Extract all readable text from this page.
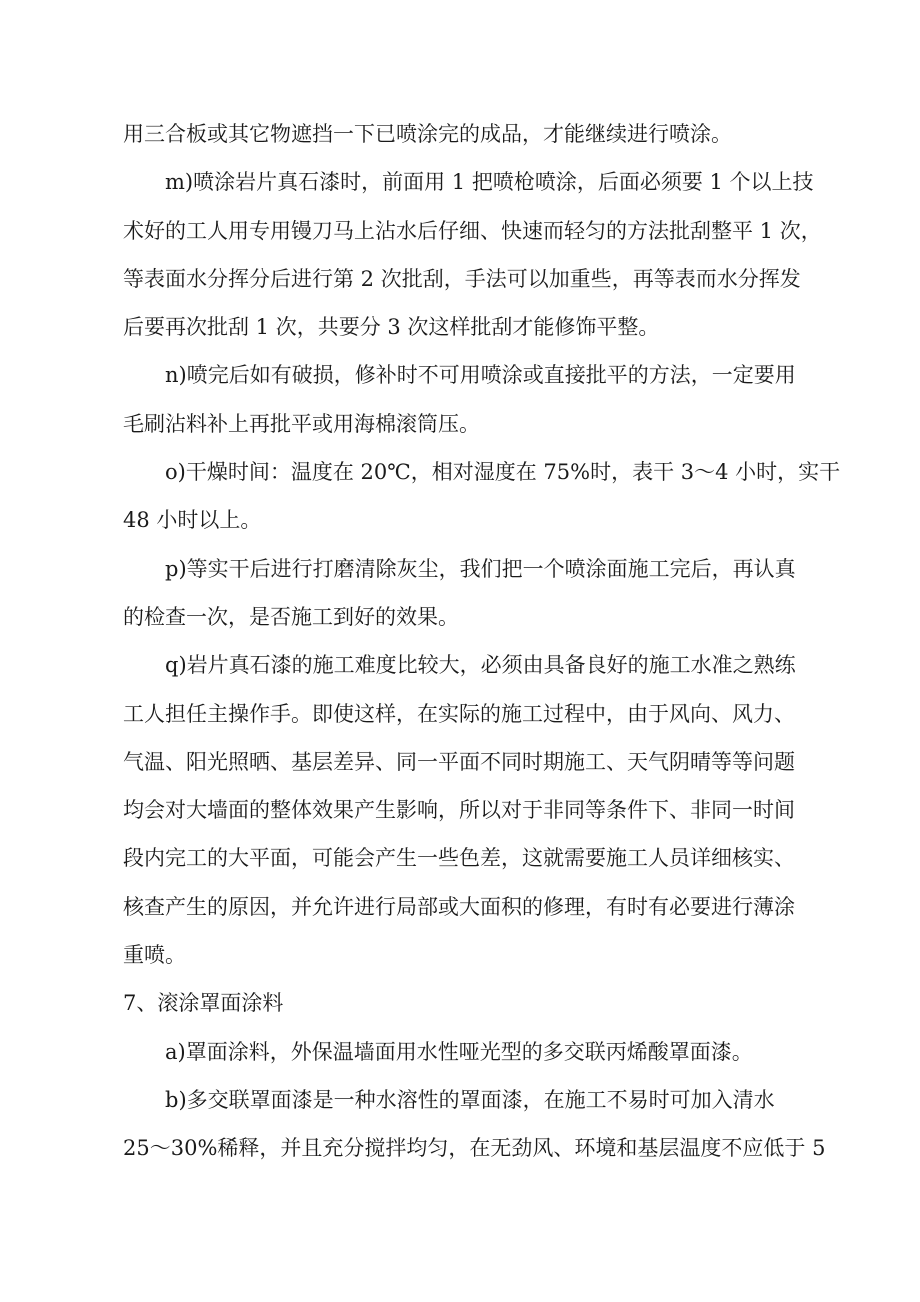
用三合板或其它物遮挡一下已喷涂完的成品，才能继续进行喷涂。
m)喷涂岩片真石漆时，前面用 1 把喷枪喷涂，后面必须要 1 个以上技
术好的工人用专用镘刀马上沾水后仔细、快速而轻匀的方法批刮整平 1 次，
等表面水分挥分后进行第 2 次批刮，手法可以加重些，再等表而水分挥发
后要再次批刮 1 次，共要分 3 次这样批刮才能修饰平整。
n)喷完后如有破损，修补时不可用喷涂或直接批平的方法，一定要用
毛刷沾料补上再批平或用海棉滚筒压。
o)干燥时间：温度在 20℃，相对湿度在 75%时，表干 3～4 小时，实干
48 小时以上。
p)等实干后进行打磨清除灰尘，我们把一个喷涂面施工完后，再认真
的检查一次，是否施工到好的效果。
q)岩片真石漆的施工难度比较大，必须由具备良好的施工水准之熟练
工人担任主操作手。即使这样，在实际的施工过程中，由于风向、风力、
气温、阳光照晒、基层差异、同一平面不同时期施工、天气阴晴等等问题
均会对大墙面的整体效果产生影响，所以对于非同等条件下、非同一时间
段内完工的大平面，可能会产生一些色差，这就需要施工人员详细核实、
核查产生的原因，并允许进行局部或大面积的修理，有时有必要进行薄涂
重喷。
7、滚涂罩面涂料
a)罩面涂料，外保温墙面用水性哑光型的多交联丙烯酸罩面漆。
b)多交联罩面漆是一种水溶性的罩面漆，在施工不易时可加入清水
25～30%稀释，并且充分搅拌均匀，在无劲风、环境和基层温度不应低于 5
